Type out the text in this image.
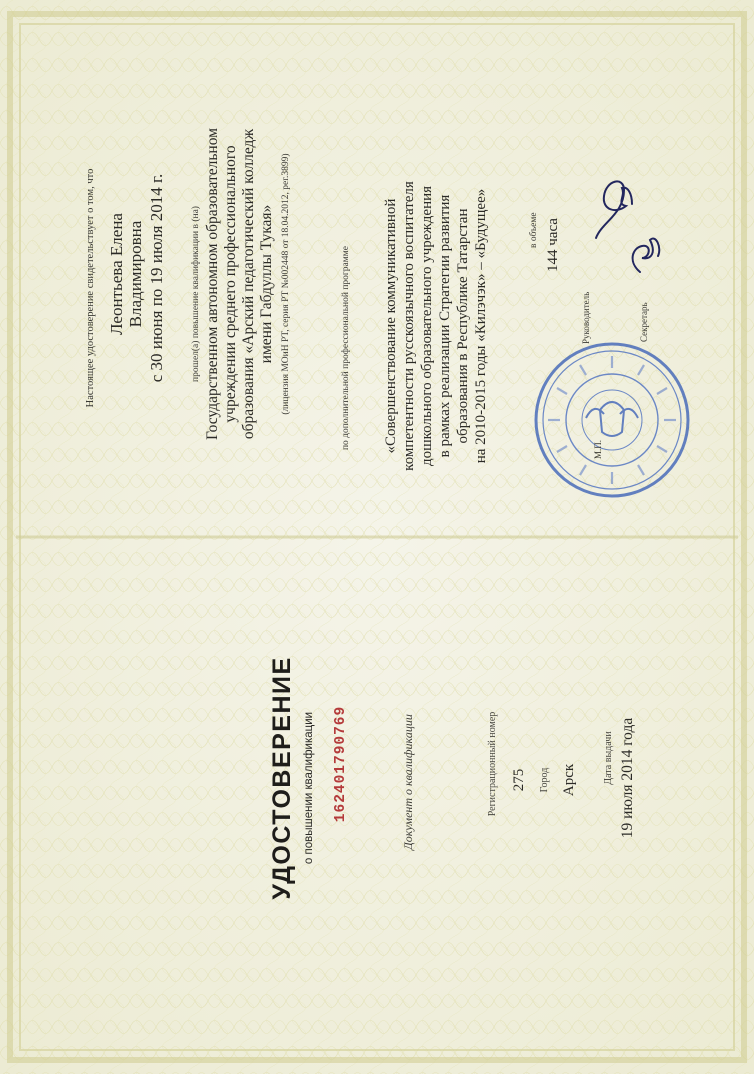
Настоящее удостоверение свидетельствует о том, что Леонтьева Елена Владимировна с 30 июня по 19 июля 2014 г.	прошел(а) повышение квалификации в (на) Государственном автономном образовательном учреждении среднего профессионального образования «Арский педагогический колледж имени Габдуллы Тукая» (лицензия МОиН РТ, серия РТ №002448 от 18.04.2012, рег.3899)	по дополнительной профессиональной программе «Совершенствование коммуникативной компетентности русскоязычного воспитателя дошкольного образовательного учреждения в рамках реализации Стратегии развития образования в Республике Татарстан на 2010-2015 годы «Килэчэк» – «Будущее»	в объеме 144 часа
Руководитель
М.П.
Секретарь
УДОСТОВЕРЕНИЕ о повышении квалификации 162401790769	Документ о квалификации	Регистрационный номер 275 Город Арск	Дата выдачи 19 июля 2014 года
